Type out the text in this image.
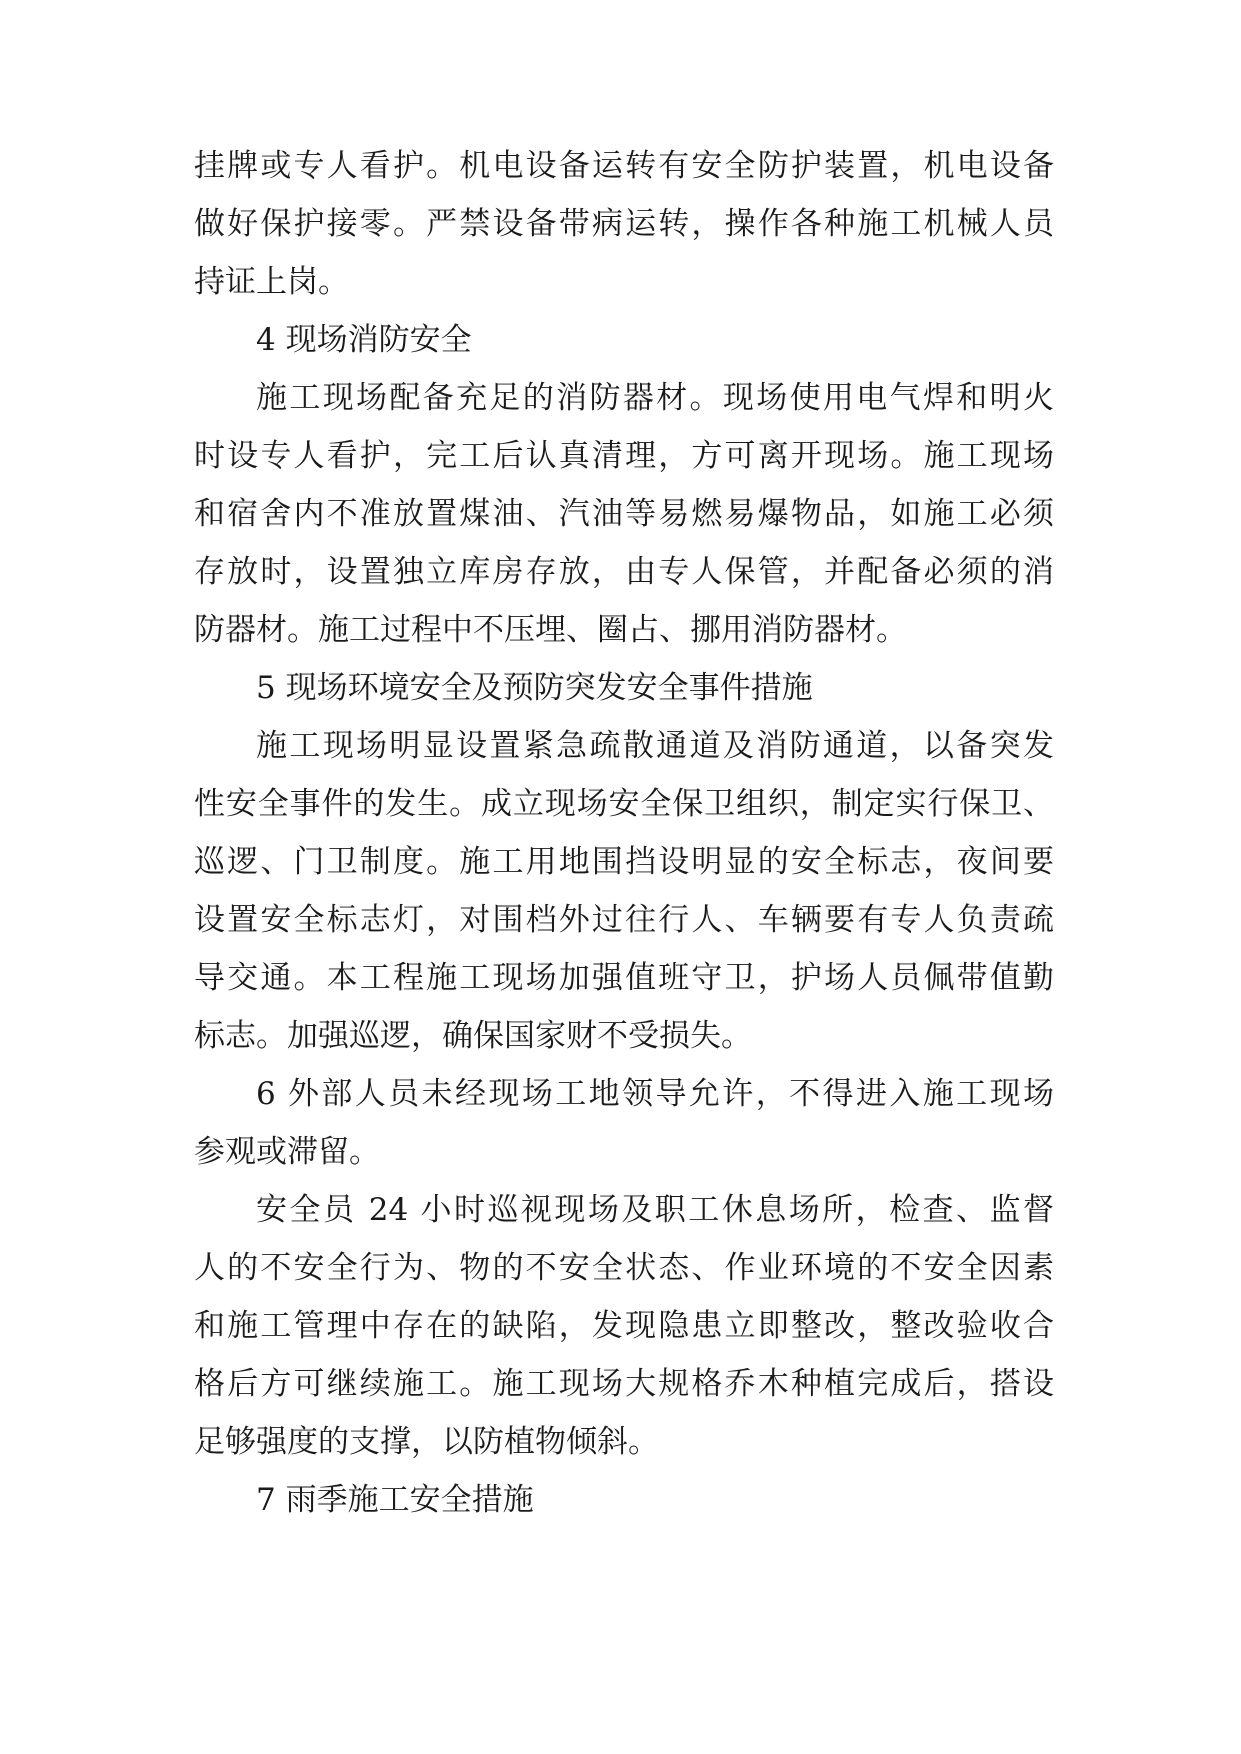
挂牌或专人看护。机电设备运转有安全防护装置，机电设备

做好保护接零。严禁设备带病运转，操作各种施工机械人员

持证上岗。

4 现场消防安全

施工现场配备充足的消防器材。现场使用电气焊和明火

时设专人看护，完工后认真清理，方可离开现场。施工现场

和宿舍内不准放置煤油、汽油等易燃易爆物品，如施工必须

存放时，设置独立库房存放，由专人保管，并配备必须的消

防器材。施工过程中不压埋、圈占、挪用消防器材。

5 现场环境安全及预防突发安全事件措施

施工现场明显设置紧急疏散通道及消防通道，以备突发

性安全事件的发生。成立现场安全保卫组织，制定实行保卫、

巡逻、门卫制度。施工用地围挡设明显的安全标志，夜间要

设置安全标志灯，对围档外过往行人、车辆要有专人负责疏

导交通。本工程施工现场加强值班守卫，护场人员佩带值勤

标志。加强巡逻，确保国家财不受损失。

6 外部人员未经现场工地领导允许，不得进入施工现场

参观或滞留。

安全员 24 小时巡视现场及职工休息场所，检查、监督

人的不安全行为、物的不安全状态、作业环境的不安全因素

和施工管理中存在的缺陷，发现隐患立即整改，整改验收合

格后方可继续施工。施工现场大规格乔木种植完成后，搭设

足够强度的支撑，以防植物倾斜。

7 雨季施工安全措施
